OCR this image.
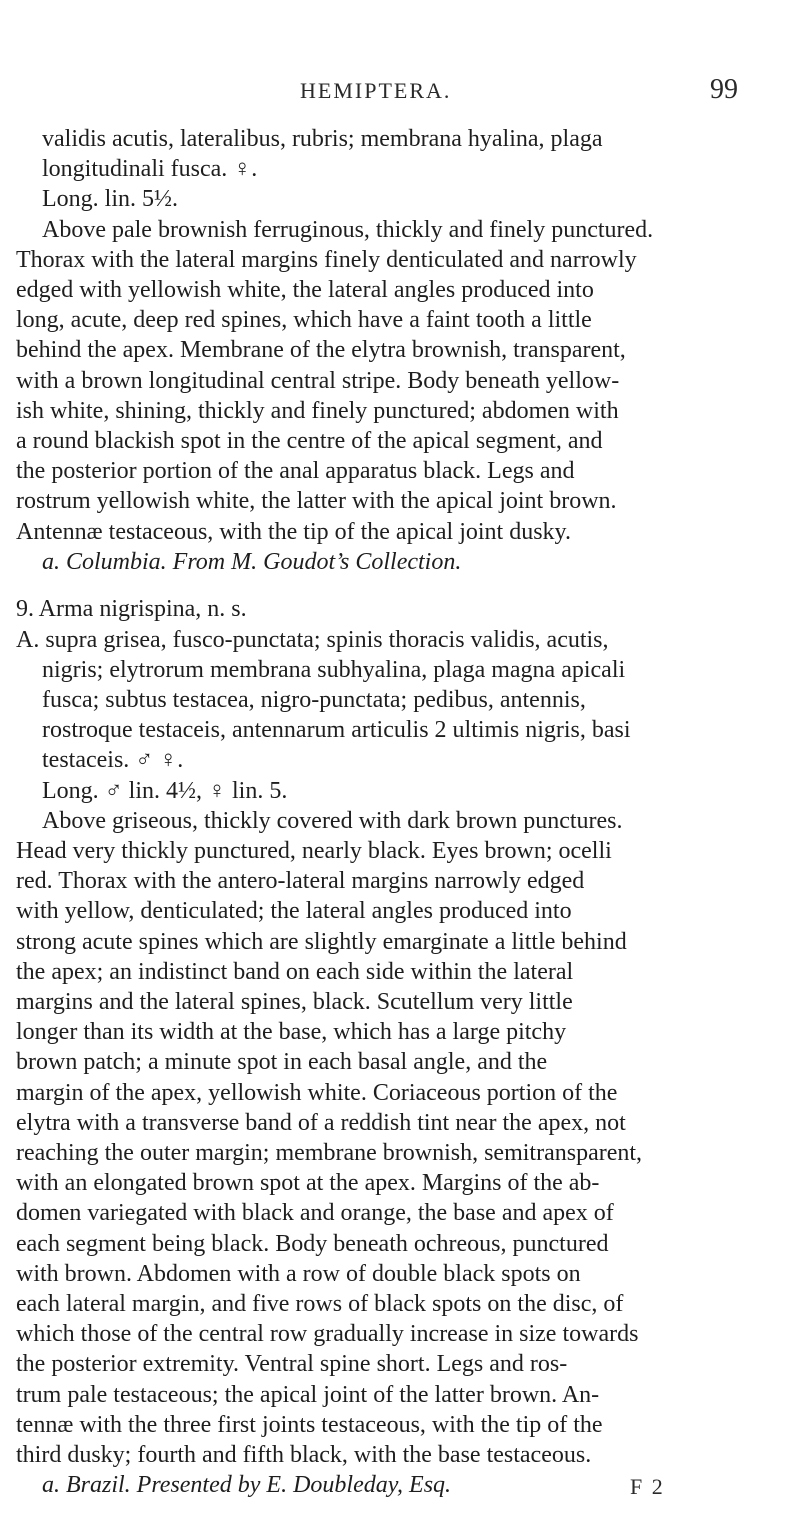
HEMIPTERA.	99
validis acutis, lateralibus, rubris; membrana hyalina, plaga
longitudinali fusca. ♀.
Long. lin. 5½.
Above pale brownish ferruginous, thickly and finely punctured.
Thorax with the lateral margins finely denticulated and narrowly
edged with yellowish white, the lateral angles produced into
long, acute, deep red spines, which have a faint tooth a little
behind the apex. Membrane of the elytra brownish, transparent,
with a brown longitudinal central stripe. Body beneath yellow-
ish white, shining, thickly and finely punctured; abdomen with
a round blackish spot in the centre of the apical segment, and
the posterior portion of the anal apparatus black. Legs and
rostrum yellowish white, the latter with the apical joint brown.
Antennæ testaceous, with the tip of the apical joint dusky.
a. Columbia. From M. Goudot’s Collection.
9. Arma nigrispina, n. s.
A. supra grisea, fusco-punctata; spinis thoracis validis, acutis,
nigris; elytrorum membrana subhyalina, plaga magna apicali
fusca; subtus testacea, nigro-punctata; pedibus, antennis,
rostroque testaceis, antennarum articulis 2 ultimis nigris, basi
testaceis. ♂ ♀.
Long. ♂ lin. 4½, ♀ lin. 5.
Above griseous, thickly covered with dark brown punctures.
Head very thickly punctured, nearly black. Eyes brown; ocelli
red. Thorax with the antero-lateral margins narrowly edged
with yellow, denticulated; the lateral angles produced into
strong acute spines which are slightly emarginate a little behind
the apex; an indistinct band on each side within the lateral
margins and the lateral spines, black. Scutellum very little
longer than its width at the base, which has a large pitchy
brown patch; a minute spot in each basal angle, and the
margin of the apex, yellowish white. Coriaceous portion of the
elytra with a transverse band of a reddish tint near the apex, not
reaching the outer margin; membrane brownish, semitransparent,
with an elongated brown spot at the apex. Margins of the ab-
domen variegated with black and orange, the base and apex of
each segment being black. Body beneath ochreous, punctured
with brown. Abdomen with a row of double black spots on
each lateral margin, and five rows of black spots on the disc, of
which those of the central row gradually increase in size towards
the posterior extremity. Ventral spine short. Legs and ros-
trum pale testaceous; the apical joint of the latter brown. An-
tennæ with the three first joints testaceous, with the tip of the
third dusky; fourth and fifth black, with the base testaceous.
a. Brazil. Presented by E. Doubleday, Esq.	F 2
